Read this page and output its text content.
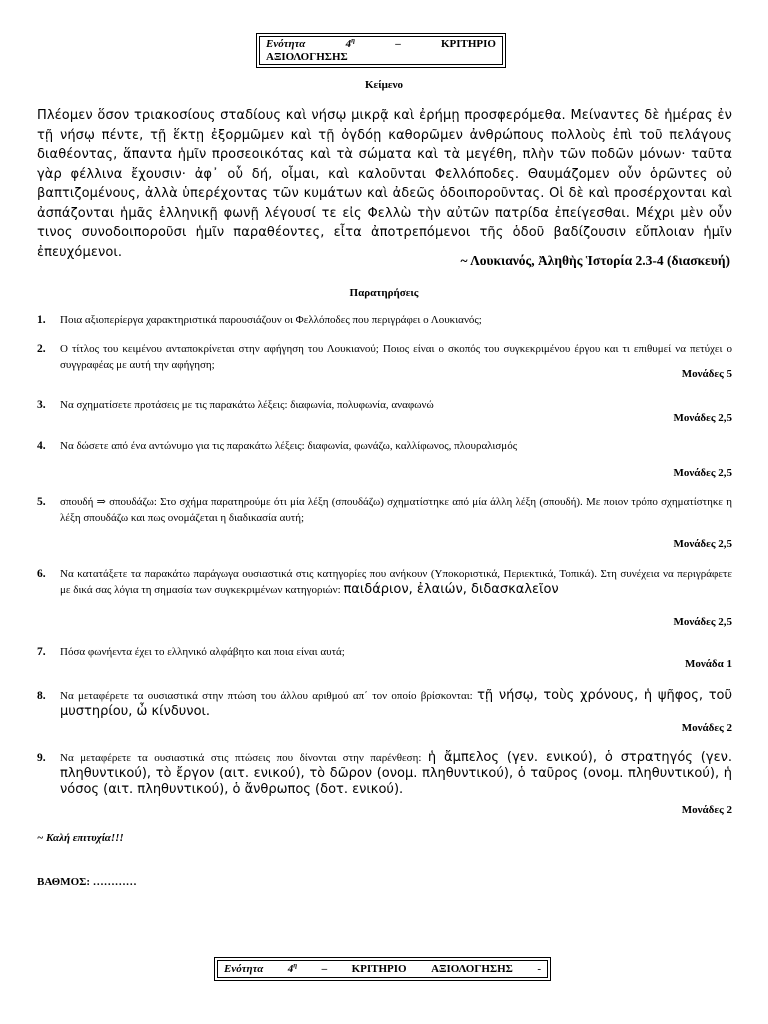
Ενότητα	$4^\eta$	–	ΚΡΙΤΗΡΙΟ
ΑΞΙΟΛΟΓΗΣΗΣ
Κείμενο
Πλέομεν ὅσον τριακοσίους σταδίους καὶ νήσῳ μικρᾷ καὶ ἐρήμῃ προσφερόμεθα. Μείναντες δὲ ἡμέρας ἐν τῇ νήσῳ πέντε, τῇ ἕκτῃ ἐξορμῶμεν καὶ τῇ ὀγδόῃ καθορῶμεν ἀνθρώπους πολλοὺς ἐπὶ τοῦ πελάγους διαθέοντας, ἅπαντα ἡμῖν προσεοικότας καὶ τὰ σώματα καὶ τὰ μεγέθη, πλὴν τῶν ποδῶν μόνων· ταῦτα γὰρ φέλλινα ἔχουσιν· ἀφ᾽ οὗ δή, οἶμαι, καὶ καλοῦνται Φελλόποδες. Θαυμάζομεν οὖν ὁρῶντες οὐ βαπτιζομένους, ἀλλὰ ὑπερέχοντας τῶν κυμάτων καὶ ἀδεῶς ὁδοιποροῦντας. Οἱ δὲ καὶ προσέρχονται καὶ ἀσπάζονται ἡμᾶς ἑλληνικῇ φωνῇ λέγουσί τε εἰς Φελλὼ τὴν αὐτῶν πατρίδα ἐπείγεσθαι. Μέχρι μὲν οὖν τινος συνοδοιποροῦσι ἡμῖν παραθέοντες, εἶτα ἀποτρεπόμενοι τῆς ὁδοῦ βαδίζουσιν εὔπλοιαν ἡμῖν ἐπευχόμενοι.
~ Λουκιανός, Ἀληθὴς Ἱστορία 2.3-4 (διασκευή)
Παρατηρήσεις
1. Ποια αξιοπερίεργα χαρακτηριστικά παρουσιάζουν οι Φελλόποδες που περιγράφει ο Λουκιανός;
2. Ο τίτλος του κειμένου ανταποκρίνεται στην αφήγηση του Λουκιανού; Ποιος είναι ο σκοπός του συγκεκριμένου έργου και τι επιθυμεί να πετύχει ο συγγραφέας με αυτή την αφήγηση;
Μονάδες 5
3. Να σχηματίσετε προτάσεις με τις παρακάτω λέξεις: διαφωνία, πολυφωνία, αναφωνώ
Μονάδες 2,5
4. Να δώσετε από ένα αντώνυμο για τις παρακάτω λέξεις: διαφωνία, φωνάζω, καλλίφωνος, πλουραλισμός
Μονάδες 2,5
5. σπουδή ⇒ σπουδάζω: Στο σχήμα παρατηρούμε ότι μία λέξη (σπουδάζω) σχηματίστηκε από μία άλλη λέξη (σπουδή). Με ποιον τρόπο σχηματίστηκε η λέξη σπουδάζω και πως ονομάζεται η διαδικασία αυτή;
Μονάδες 2,5
6. Να κατατάξετε τα παρακάτω παράγωγα ουσιαστικά στις κατηγορίες που ανήκουν (Υποκοριστικά, Περιεκτικά, Τοπικά). Στη συνέχεια να περιγράφετε με δικά σας λόγια τη σημασία των συγκεκριμένων κατηγοριών: παιδάριον, ἐλαιών, διδασκαλεῖον
Μονάδες 2,5
7. Πόσα φωνήεντα έχει το ελληνικό αλφάβητο και ποια είναι αυτά;
Μονάδα 1
8. Να μεταφέρετε τα ουσιαστικά στην πτώση του άλλου αριθμού απ΄ τον οποίο βρίσκονται: τῇ νήσῳ, τοὺς χρόνους, ἡ ψῆφος, τοῦ μυστηρίου, ὦ κίνδυνοι.
Μονάδες 2
9. Να μεταφέρετε τα ουσιαστικά στις πτώσεις που δίνονται στην παρένθεση: ἡ ἄμπελος (γεν. ενικού), ὁ στρατηγός (γεν. πληθυντικού), τὸ ἔργον (αιτ. ενικού), τὸ δῶρον (ονομ. πληθυντικού), ὁ ταῦρος (ονομ. πληθυντικού), ἡ νόσος (αιτ. πληθυντικού), ὁ ἄνθρωπος (δοτ. ενικού).
Μονάδες 2
~ Καλή επιτυχία!!!
ΒΑΘΜΟΣ: …………
Ενότητα $4^\eta$ – ΚΡΙΤΗΡΙΟ ΑΞΙΟΛΟΓΗΣΗΣ -
